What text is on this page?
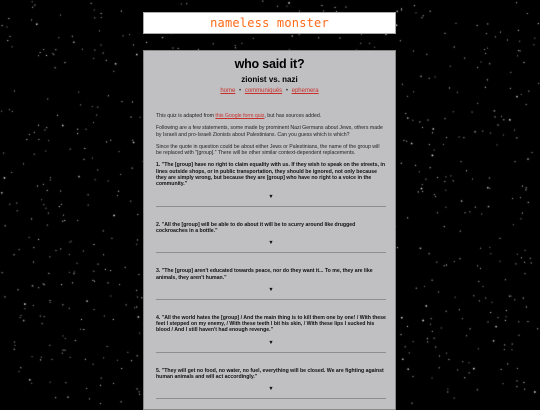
nameless monster
who said it?
zionist vs. nazi
home • communiqués • ephemera

This quiz is adapted from this Google form quiz, but has sources added.

Following are a few statements, some made by prominent Nazi Germans about Jews, others made by Israeli and pro-Israeli Zionists about Palestinians. Can you guess which is which?

Since the quote in question could be about either Jews or Palestinians, the name of the group will be replaced with "[group]." There will be other similar context-dependent replacements.

1. "The [group] have no right to claim equality with us. If they wish to speak on the streets, in lines outside shops, or in public transportation, they should be ignored, not only because they are simply wrong, but because they are [group] who have no right to a voice in the community."

▼

2. "All the [group] will be able to do about it will be to scurry around like drugged cockroaches in a bottle."

▼

3. "The [group] aren't educated towards peace, nor do they want it... To me, they are like animals, they aren't human."

▼

4. "All the world hates the [group] / And the main thing is to kill them one by one! / With these feet I stepped on my enemy, / With these teeth I bit his skin, / With these lips I sucked his blood / And I still haven't had enough revenge."

▼

5. "They will get no food, no water, no fuel, everything will be closed. We are fighting against human animals and will act accordingly."

▼
